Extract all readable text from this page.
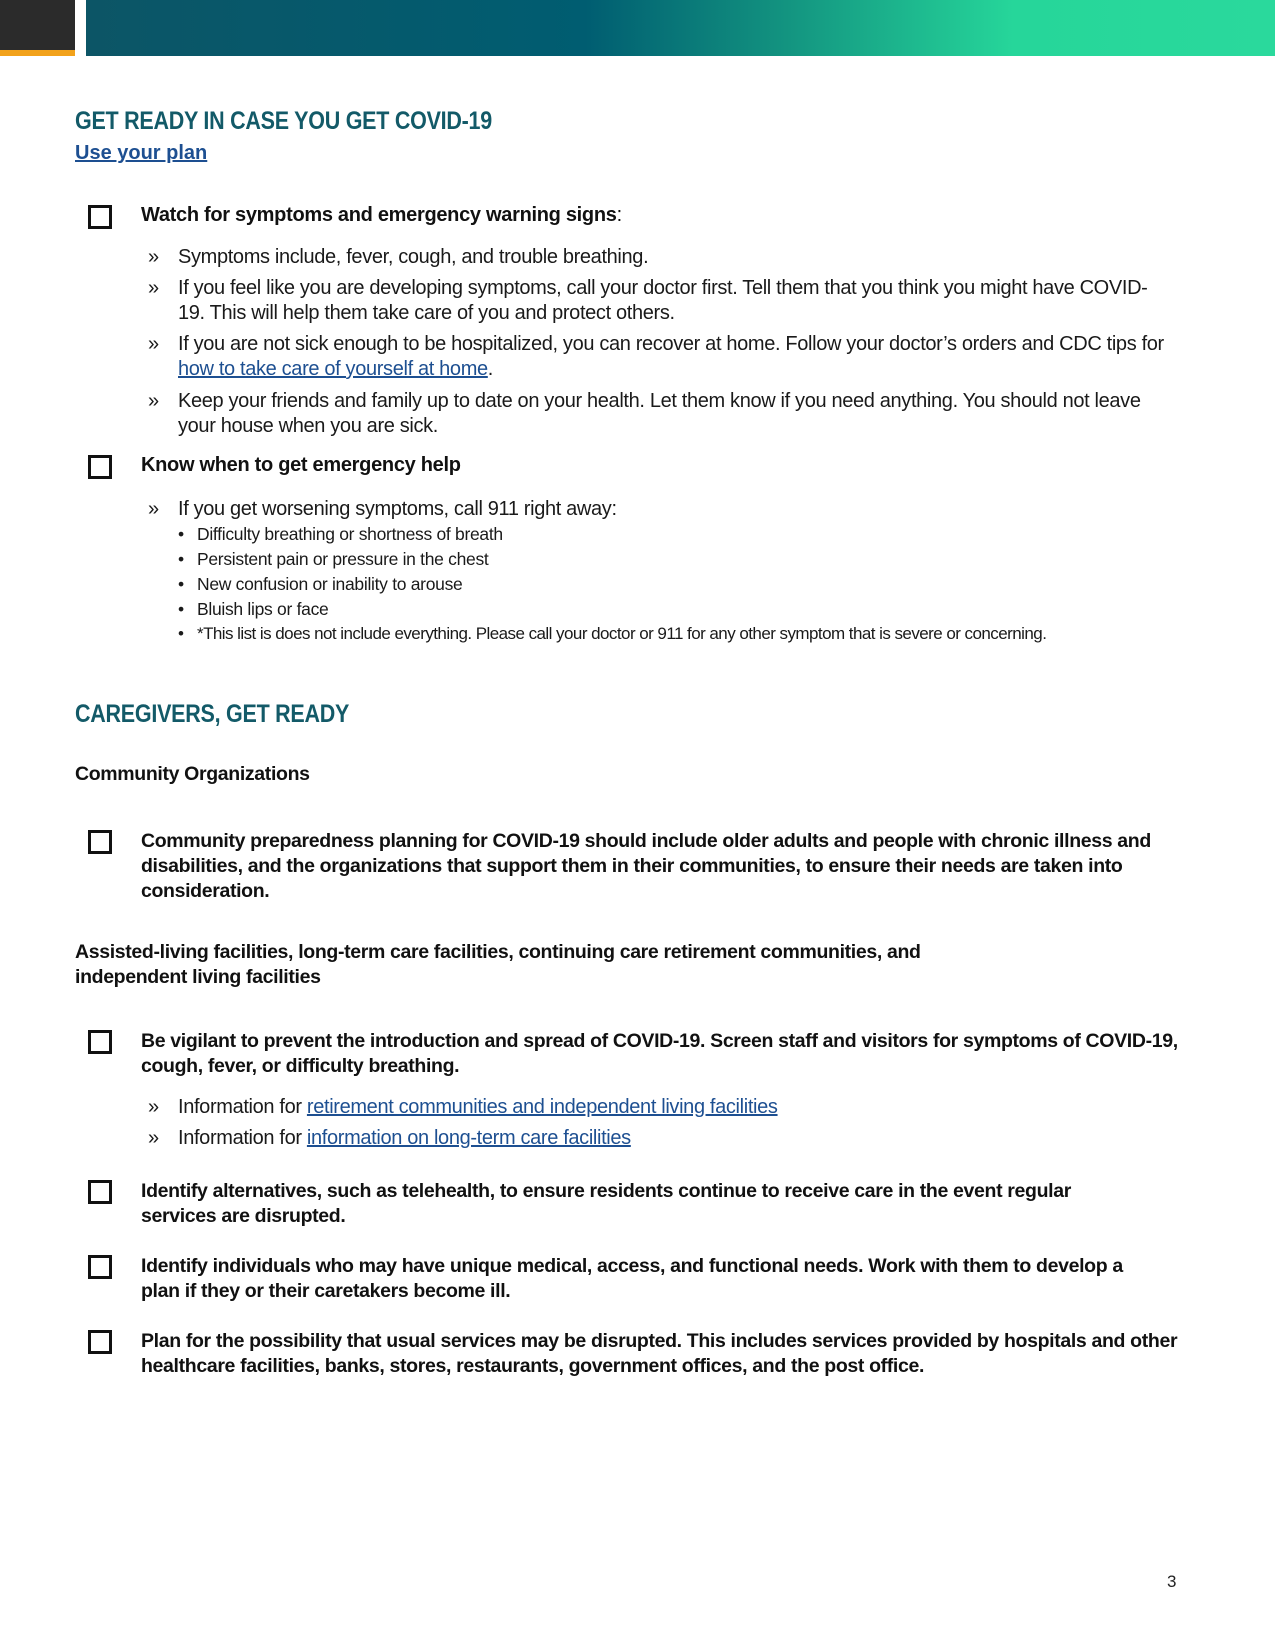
GET READY IN CASE YOU GET COVID-19
Use your plan
Watch for symptoms and emergency warning signs:
» Symptoms include, fever, cough, and trouble breathing.
» If you feel like you are developing symptoms, call your doctor first. Tell them that you think you might have COVID-19. This will help them take care of you and protect others.
» If you are not sick enough to be hospitalized, you can recover at home. Follow your doctor’s orders and CDC tips for how to take care of yourself at home.
» Keep your friends and family up to date on your health. Let them know if you need anything. You should not leave your house when you are sick.
Know when to get emergency help
» If you get worsening symptoms, call 911 right away:
• Difficulty breathing or shortness of breath
• Persistent pain or pressure in the chest
• New confusion or inability to arouse
• Bluish lips or face
• *This list is does not include everything. Please call your doctor or 911 for any other symptom that is severe or concerning.
CAREGIVERS, GET READY
Community Organizations
Community preparedness planning for COVID-19 should include older adults and people with chronic illness and disabilities, and the organizations that support them in their communities, to ensure their needs are taken into consideration.
Assisted-living facilities, long-term care facilities, continuing care retirement communities, and independent living facilities
Be vigilant to prevent the introduction and spread of COVID-19. Screen staff and visitors for symptoms of COVID-19, cough, fever, or difficulty breathing.
» Information for retirement communities and independent living facilities
» Information for information on long-term care facilities
Identify alternatives, such as telehealth, to ensure residents continue to receive care in the event regular services are disrupted.
Identify individuals who may have unique medical, access, and functional needs. Work with them to develop a plan if they or their caretakers become ill.
Plan for the possibility that usual services may be disrupted. This includes services provided by hospitals and other healthcare facilities, banks, stores, restaurants, government offices, and the post office.
3
